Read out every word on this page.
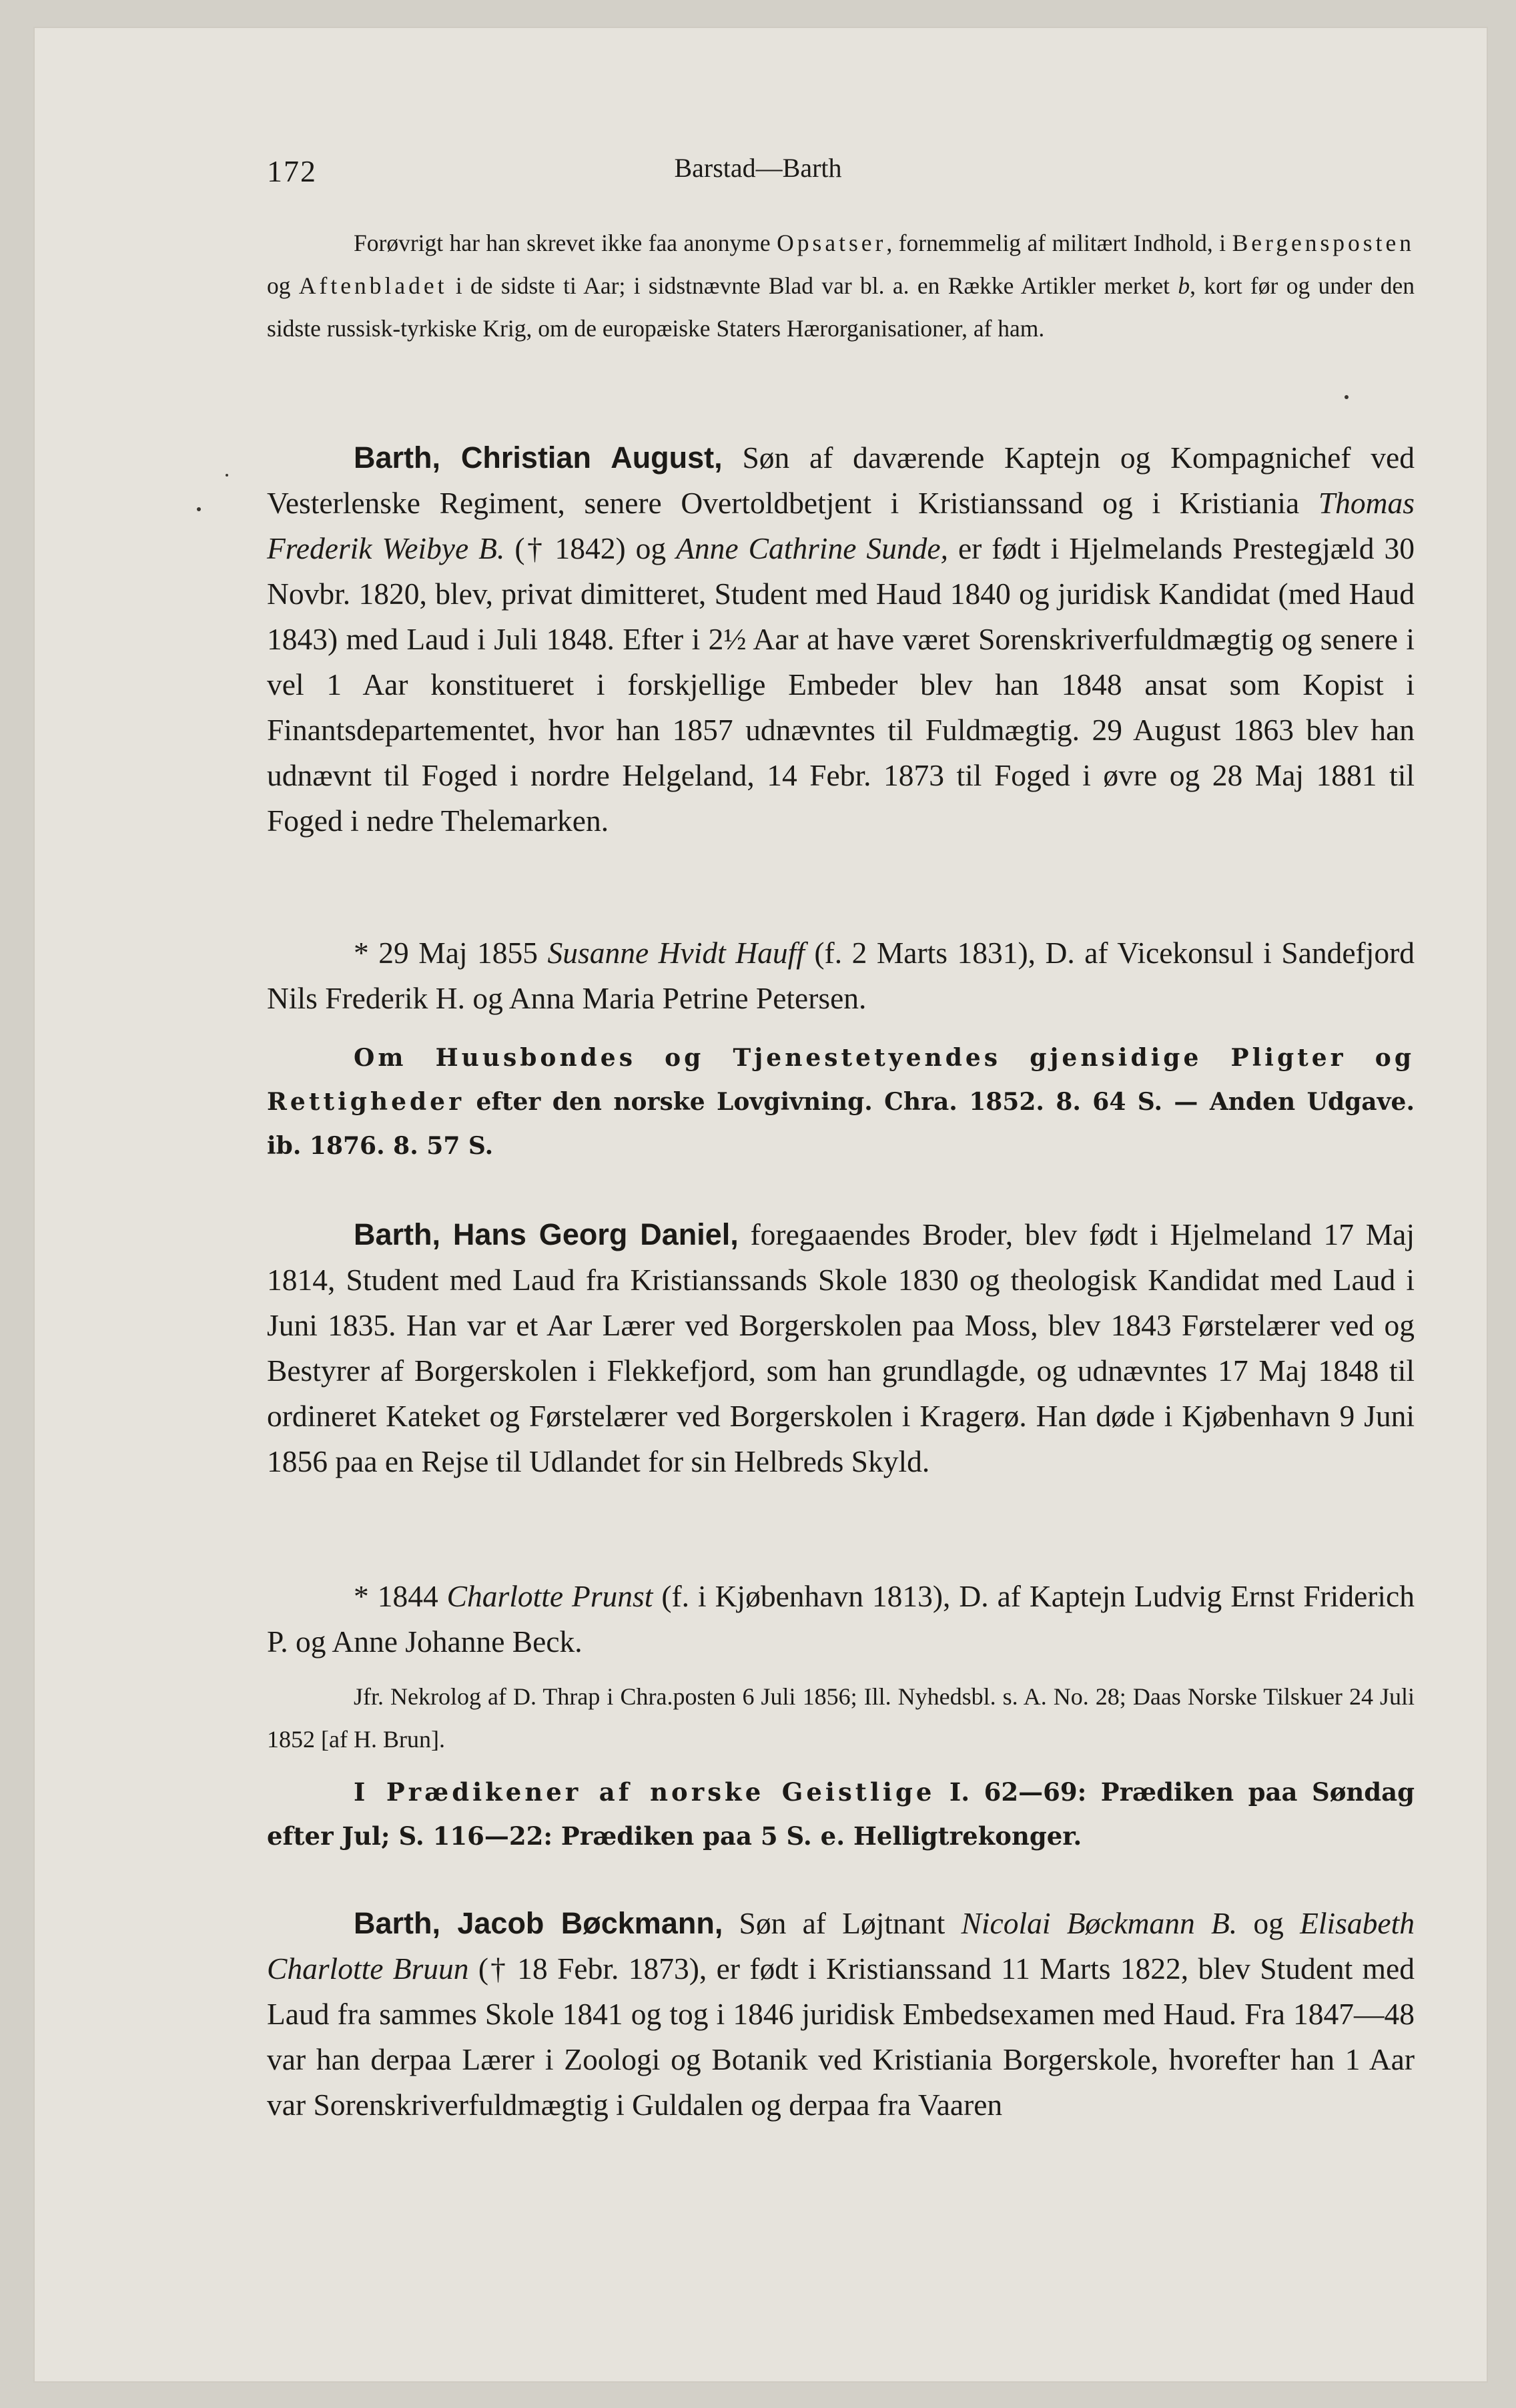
172	Barstad—Barth
Forøvrigt har han skrevet ikke faa anonyme Opsatser, fornemmelig af militært Indhold, i Bergensposten og Aftenbladet i de sidste ti Aar; i sidstnævnte Blad var bl. a. en Række Artikler merket b, kort før og under den sidste russisk-tyrkiske Krig, om de europæiske Staters Hærorganisationer, af ham.
Barth, Christian August, Søn af daværende Kaptejn og Kompagnichef ved Vesterlenske Regiment, senere Overtoldbetjent i Kristianssand og i Kristiania Thomas Frederik Weibye B. († 1842) og Anne Cathrine Sunde, er født i Hjelmelands Prestegjæld 30 Novbr. 1820, blev, privat dimitteret, Student med Haud 1840 og juridisk Kandidat (med Haud 1843) med Laud i Juli 1848. Efter i 2½ Aar at have været Sorenskriverfuldmægtig og senere i vel 1 Aar konstitueret i forskjellige Embeder blev han 1848 ansat som Kopist i Finantsdepartementet, hvor han 1857 udnævntes til Fuldmægtig. 29 August 1863 blev han udnævnt til Foged i nordre Helgeland, 14 Febr. 1873 til Foged i øvre og 28 Maj 1881 til Foged i nedre Thelemarken.
* 29 Maj 1855 Susanne Hvidt Hauff (f. 2 Marts 1831), D. af Vicekonsul i Sandefjord Nils Frederik H. og Anna Maria Petrine Petersen.
Om Huusbondes og Tjenestetyendes gjensidige Pligter og Rettigheder efter den norske Lovgivning. Chra. 1852. 8. 64 S. — Anden Udgave. ib. 1876. 8. 57 S.
Barth, Hans Georg Daniel, foregaaendes Broder, blev født i Hjelmeland 17 Maj 1814, Student med Laud fra Kristianssands Skole 1830 og theologisk Kandidat med Laud i Juni 1835. Han var et Aar Lærer ved Borgerskolen paa Moss, blev 1843 Førstelærer ved og Bestyrer af Borgerskolen i Flekkefjord, som han grundlagde, og udnævntes 17 Maj 1848 til ordineret Kateket og Førstelærer ved Borgerskolen i Kragerø. Han døde i Kjøbenhavn 9 Juni 1856 paa en Rejse til Udlandet for sin Helbreds Skyld.
* 1844 Charlotte Prunst (f. i Kjøbenhavn 1813), D. af Kaptejn Ludvig Ernst Friderich P. og Anne Johanne Beck.
Jfr. Nekrolog af D. Thrap i Chra.posten 6 Juli 1856; Ill. Nyhedsbl. s. A. No. 28; Daas Norske Tilskuer 24 Juli 1852 [af H. Brun].
I Prædikener af norske Geistlige I. 62—69: Prædiken paa Søndag efter Jul; S. 116—22: Prædiken paa 5 S. e. Helligtrekonger.
Barth, Jacob Bøckmann, Søn af Løjtnant Nicolai Bøckmann B. og Elisabeth Charlotte Bruun († 18 Febr. 1873), er født i Kristianssand 11 Marts 1822, blev Student med Laud fra sammes Skole 1841 og tog i 1846 juridisk Embedsexamen med Haud. Fra 1847—48 var han derpaa Lærer i Zoologi og Botanik ved Kristiania Borgerskole, hvorefter han 1 Aar var Sorenskriverfuldmægtig i Guldalen og derpaa fra Vaaren
